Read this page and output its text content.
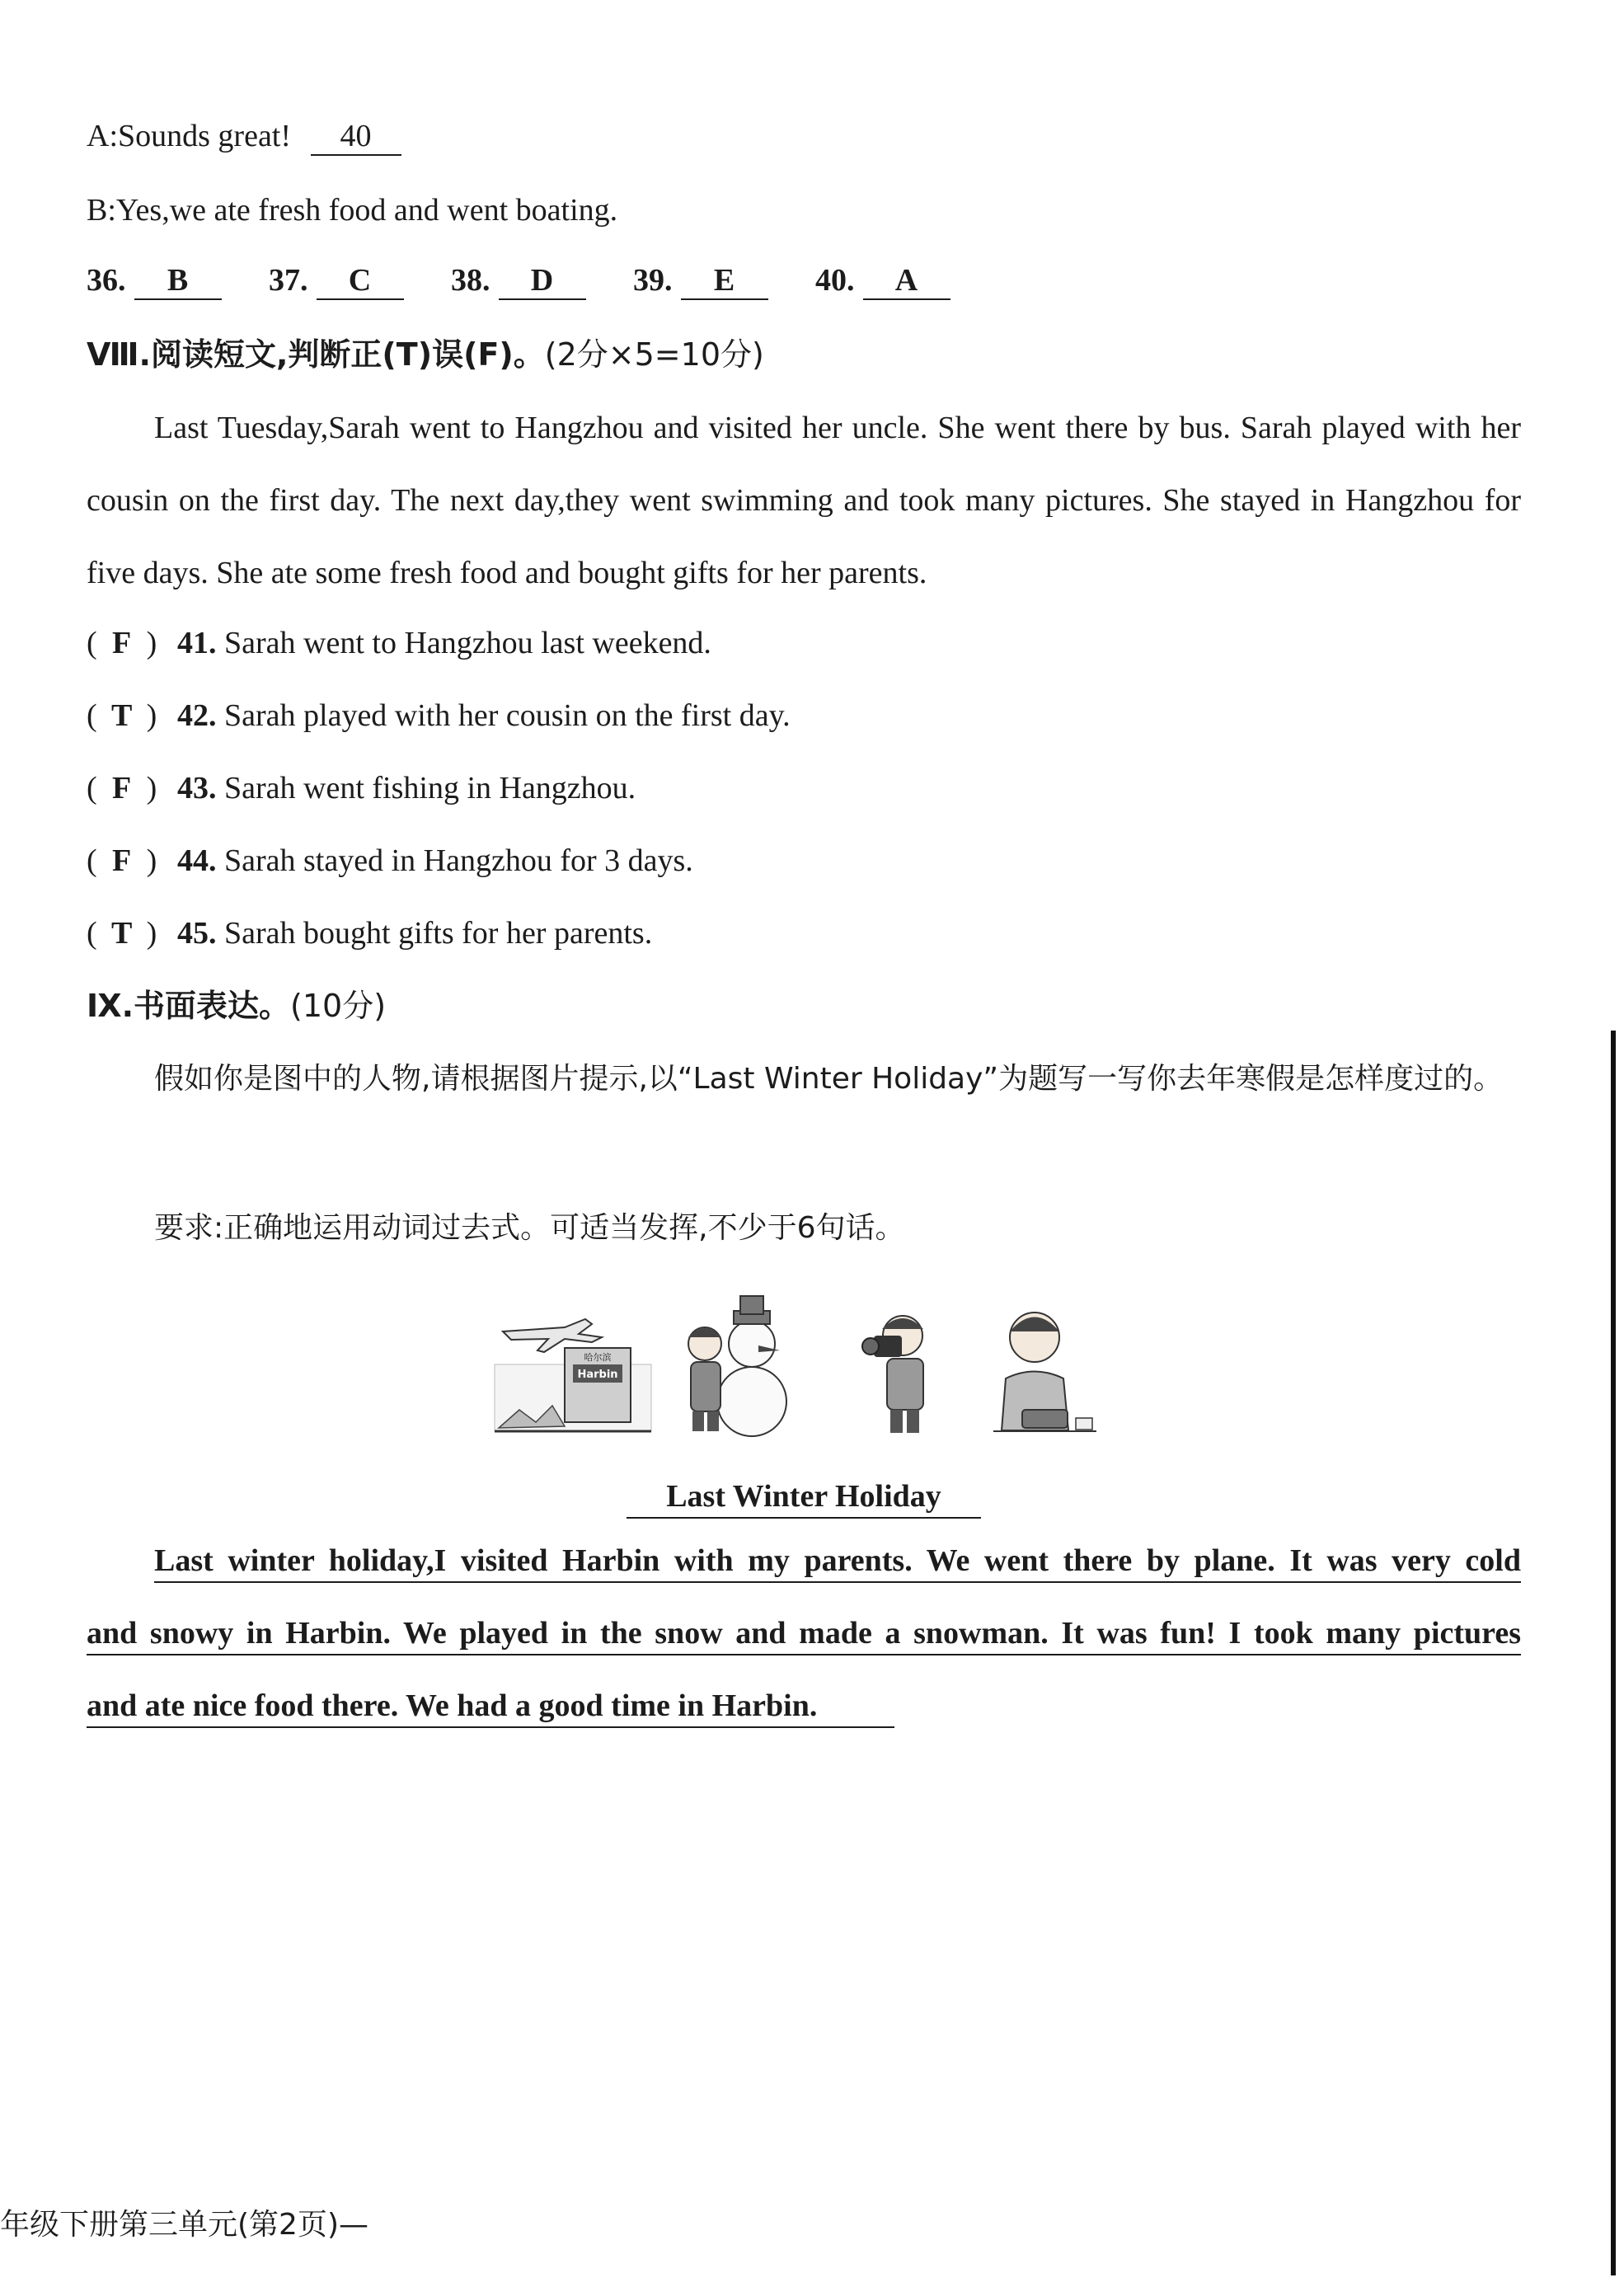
A:Sounds great! 40
B:Yes,we ate fresh food and went boating.
36. B	37. C	38. D	39. E	40. A
Ⅷ.阅读短文,判断正(T)误(F)。(2分×5=10分)

Last Tuesday,Sarah went to Hangzhou and visited her uncle. She went there by bus. Sarah played with her cousin on the first day. The next day,they went swimming and took many pictures. She stayed in Hangzhou for five days. She ate some fresh food and bought gifts for her parents.

( F ) 41. Sarah went to Hangzhou last weekend.
( T ) 42. Sarah played with her cousin on the first day.
( F ) 43. Sarah went fishing in Hangzhou.
( F ) 44. Sarah stayed in Hangzhou for 3 days.
( T ) 45. Sarah bought gifts for her parents.
Ⅸ.书面表达。(10分)

假如你是图中的人物,请根据图片提示,以“Last Winter Holiday”为题写一写你去年寒假是怎样度过的。

要求:正确地运用动词过去式。可适当发挥,不少于6句话。
哈尔滨
Harbin
Last Winter Holiday
Last winter holiday,I visited Harbin with my parents. We went there by plane. It was very cold
and snowy in Harbin. We played in the snow and made a snowman. It was fun! I took many pictures
and ate nice food there. We had a good time in Harbin.
年级下册第三单元(第2页)—
